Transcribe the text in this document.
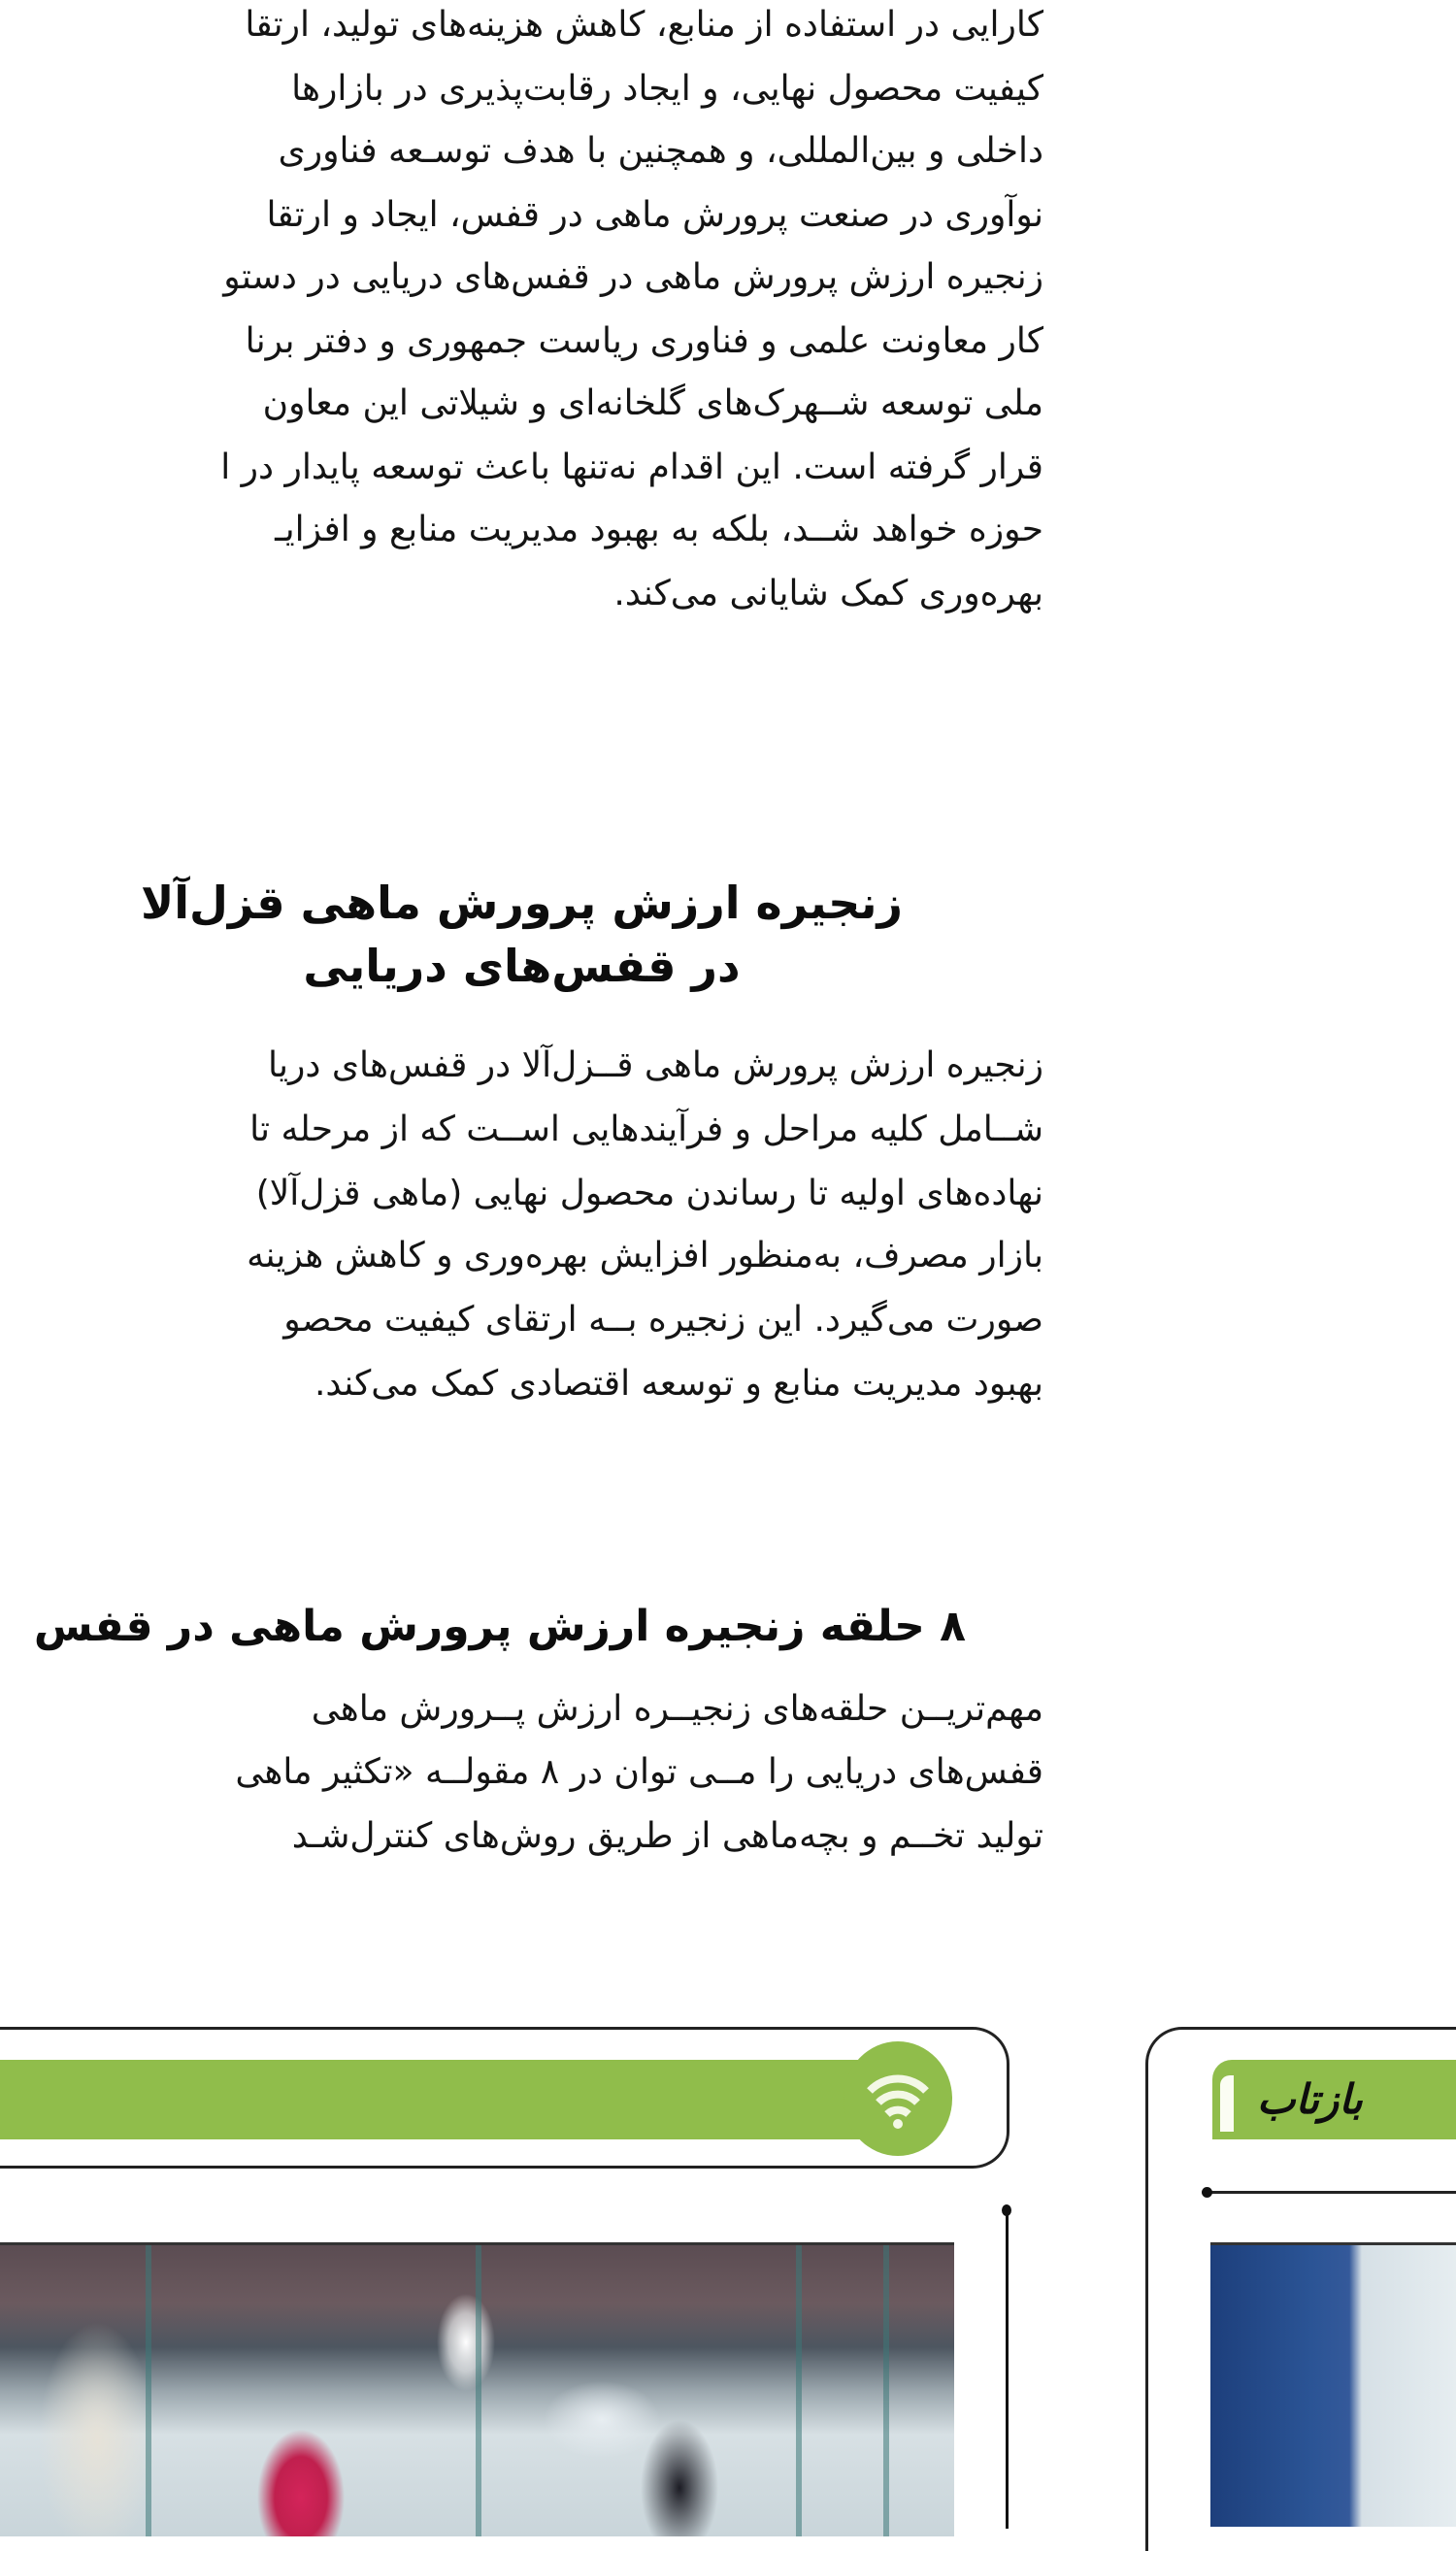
کارایی در استفاده از منابع، کاهش هزینه‌های تولید، ارتقا
کیفیت محصول نهایی، و ایجاد رقابت‌پذیری در بازارها
داخلی و بین‌المللی، و همچنین با هدف توسـعه فناوری
نوآوری در صنعت پرورش ماهی در قفس، ایجاد و ارتقا
زنجیره ارزش پرورش ماهی در قفس‌های دریایی در دستو
کار معاونت علمی و فناوری ریاست جمهوری و دفتر برنا
ملی توسعه شــهرک‌های گلخانه‌ای و شیلاتی این معاون
قرار گرفته است. این اقدام نه‌تنها باعث توسعه پایدار در ا
حوزه خواهد شــد، بلکه به بهبود مدیریت منابع و افزایـ
بهره‌وری کمک شایانی می‌کند.
زنجیره ارزش پرورش ماهی قزل‌آلا
در قفس‌های دریایی
زنجیره ارزش پرورش ماهی قــزل‌آلا در قفس‌های دریا
شــامل کلیه مراحل و فرآیندهایی اســت که از مرحله تا
نهاده‌های اولیه تا رساندن محصول نهایی (ماهی قزل‌آلا)
بازار مصرف، به‌منظور افزایش بهره‌وری و کاهش هزینه
صورت می‌گیرد. این زنجیره بــه ارتقای کیفیت محصو
بهبود مدیریت منابع و توسعه اقتصادی کمک می‌کند.
۸ حلقه زنجیره ارزش پرورش ماهی در قفس
مهم‌تریــن حلقه‌های زنجیــره ارزش پــرورش ماهی
قفس‌های دریایی را مــی توان در ۸ مقولــه «تکثیر ماهی
تولید تخــم و بچه‌ماهی از طریق روش‌های کنترل‌شـد
بازتاب
